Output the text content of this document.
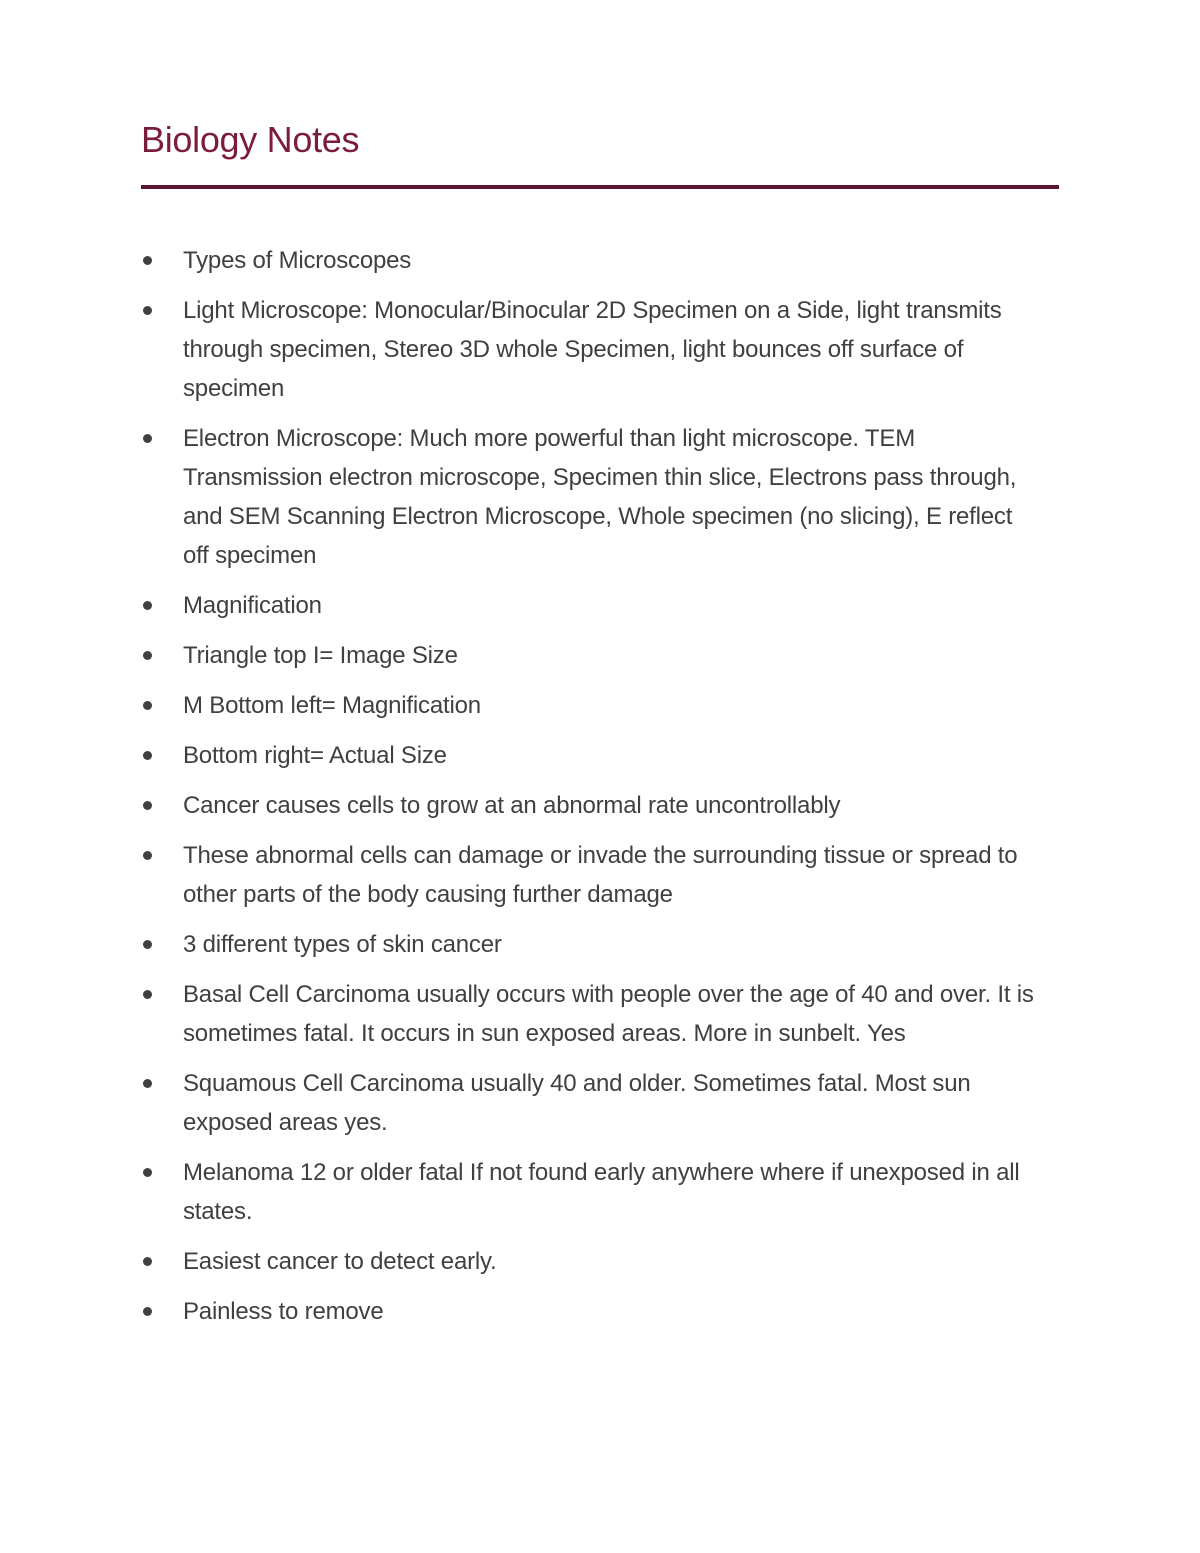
Biology Notes
Types of Microscopes
Light Microscope: Monocular/Binocular 2D Specimen on a Side, light transmits through specimen, Stereo 3D whole Specimen, light bounces off surface of specimen
Electron Microscope: Much more powerful than light microscope. TEM Transmission electron microscope, Specimen thin slice, Electrons pass through, and SEM Scanning Electron Microscope, Whole specimen (no slicing), E reflect off specimen
Magnification
Triangle top I= Image Size
M Bottom left= Magnification
Bottom right= Actual Size
Cancer causes cells to grow at an abnormal rate uncontrollably
These abnormal cells can damage or invade the surrounding tissue or spread to other parts of the body causing further damage
3 different types of skin cancer
Basal Cell Carcinoma usually occurs with people over the age of 40 and over. It is sometimes fatal. It occurs in sun exposed areas. More in sunbelt. Yes
Squamous Cell Carcinoma usually 40 and older. Sometimes fatal. Most sun exposed areas yes.
Melanoma 12 or older fatal If not found early anywhere where if unexposed in all states.
Easiest cancer to detect early.
Painless to remove
